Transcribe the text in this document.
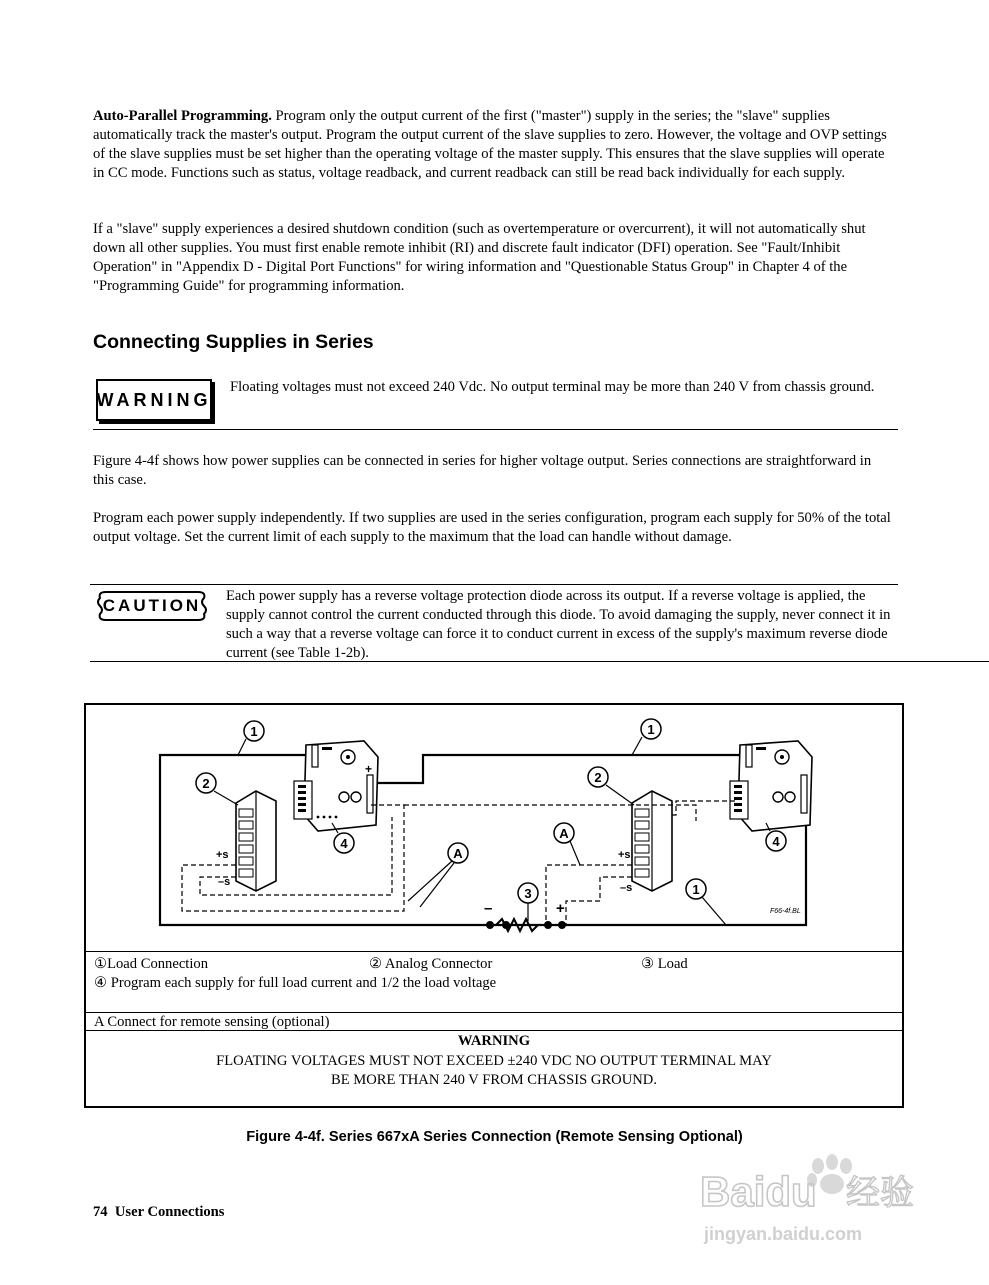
Auto-Parallel Programming. Program only the output current of the first ("master") supply in the series; the "slave" supplies automatically track the master's output. Program the output current of the slave supplies to zero. However, the voltage and OVP settings of the slave supplies must be set higher than the operating voltage of the master supply. This ensures that the slave supplies will operate in CC mode. Functions such as status, voltage readback, and current readback can still be read back individually for each supply.

If a "slave" supply experiences a desired shutdown condition (such as overtemperature or overcurrent), it will not automatically shut down all other supplies. You must first enable remote inhibit (RI) and discrete fault indicator (DFI) operation. See "Fault/Inhibit Operation" in "Appendix D - Digital Port Functions" for wiring information and "Questionable Status Group" in Chapter 4 of the "Programming Guide" for programming information.

Connecting Supplies in Series
WARNING

Floating voltages must not exceed 240 Vdc. No output terminal may be more than 240 V from chassis ground.

Figure 4-4f shows how power supplies can be connected in series for higher voltage output. Series connections are straightforward in this case.

Program each power supply independently. If two supplies are used in the series configuration, program each supply for 50% of the total output voltage. Set the current limit of each supply to the maximum that the load can handle without damage.

CAUTION Each power supply has a reverse voltage protection diode across its output. If a reverse voltage is applied, the supply cannot control the current conducted through this diode. To avoid damaging the supply, never connect it in such a way that a reverse voltage can force it to conduct current in excess of the supply's maximum reverse diode current (see Table 1-2b).

+
–	+
1	1
2	2
4	4
A
A
3	1
+s
–s
+s
–s
F66-4f.BL
①Load Connection	② Analog Connector	③ Load
④ Program each supply for full load current and 1/2 the load voltage
A Connect for remote sensing (optional)
WARNING
FLOATING VOLTAGES MUST NOT EXCEED ±240 VDC NO OUTPUT TERMINAL MAY
BE MORE THAN 240 V FROM CHASSIS GROUND.
Figure 4-4f. Series 667xA Series Connection (Remote Sensing Optional)
74 User Connections	Baidu 经验
jingyan.baidu.com
